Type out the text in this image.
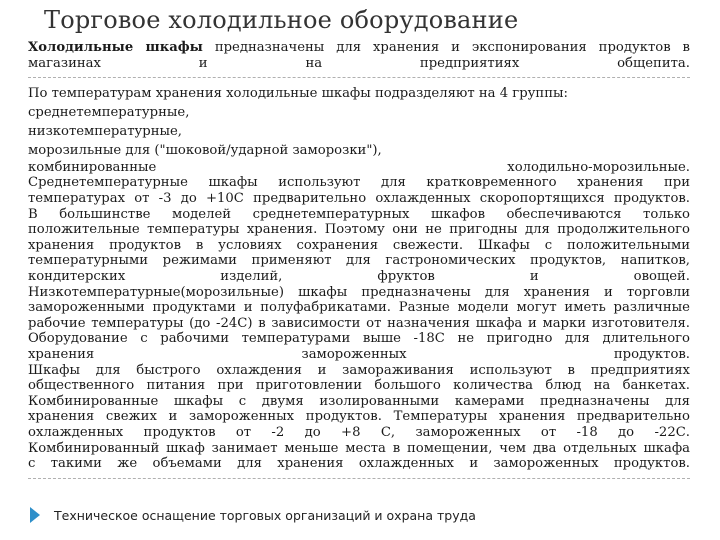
Торговое холодильное оборудование
Холодильные шкафы предназначены для хранения и экспонирования продуктов в
магазинах и на предприятиях общепита.
По температурам хранения холодильные шкафы подразделяют на 4 группы:
среднетемпературные,
низкотемпературные,
морозильные для ("шоковой/ударной заморозки"),
комбинированные холодильно-морозильные.
Среднетемпературные шкафы используют для кратковременного хранения при
температурах от -3 до +10С предварительно охлажденных скоропортящихся продуктов.
В большинстве моделей среднетемпературных шкафов обеспечиваются только
положительные температуры хранения. Поэтому они не пригодны для продолжительного
хранения продуктов в условиях сохранения свежести. Шкафы с положительными
температурными режимами применяют для гастрономических продуктов, напитков,
кондитерских изделий, фруктов и овощей.
Низкотемпературные(морозильные) шкафы предназначены для хранения и торговли
замороженными продуктами и полуфабрикатами. Разные модели могут иметь различные
рабочие температуры (до -24С) в зависимости от назначения шкафа и марки изготовителя.
Оборудование с рабочими температурами выше -18С не пригодно для длительного
хранения замороженных продуктов.
Шкафы для быстрого охлаждения и замораживания используют в предприятиях
общественного питания при приготовлении большого количества блюд на банкетах.
Комбинированные шкафы с двумя изолированными камерами предназначены для
хранения свежих и замороженных продуктов. Температуры хранения предварительно
охлажденных продуктов от -2 до +8 С, замороженных от -18 до -22С.
Комбинированный шкаф занимает меньше места в помещении, чем два отдельных шкафа
с такими же объемами для хранения охлажденных и замороженных продуктов.
Техническое оснащение торговых организаций и охрана труда
